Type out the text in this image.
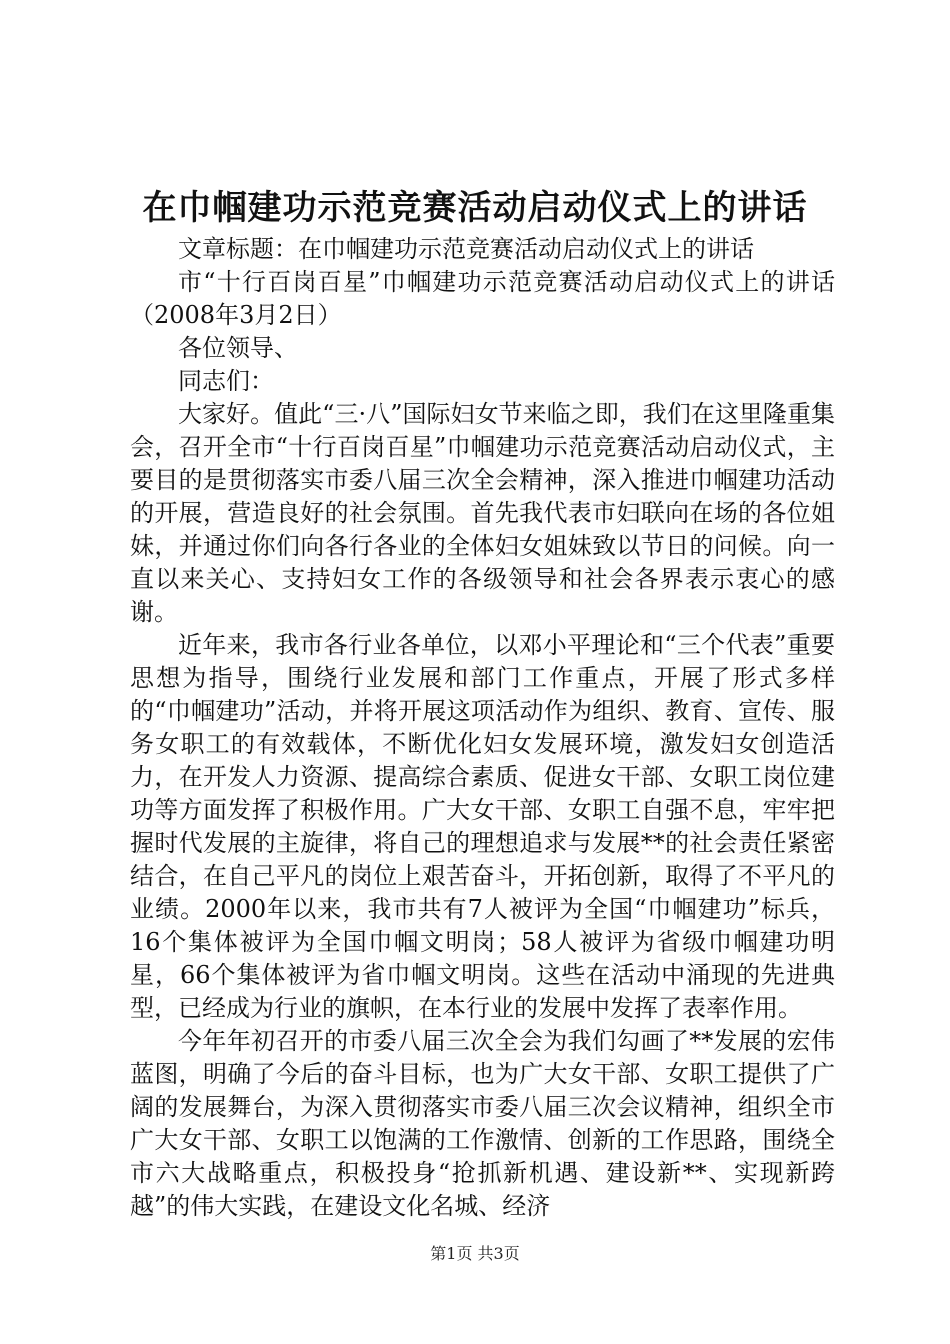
在巾帼建功示范竞赛活动启动仪式上的讲话

文章标题：在巾帼建功示范竞赛活动启动仪式上的讲话

市“十行百岗百星”巾帼建功示范竞赛活动启动仪式上的讲话（2008年3月2日）

各位领导、

同志们：

大家好。值此“三·八”国际妇女节来临之即，我们在这里隆重集会，召开全市“十行百岗百星”巾帼建功示范竞赛活动启动仪式，主要目的是贯彻落实市委八届三次全会精神，深入推进巾帼建功活动的开展，营造良好的社会氛围。首先我代表市妇联向在场的各位姐妹，并通过你们向各行各业的全体妇女姐妹致以节日的问候。向一直以来关心、支持妇女工作的各级领导和社会各界表示衷心的感谢。

近年来，我市各行业各单位，以邓小平理论和“三个代表”重要思想为指导，围绕行业发展和部门工作重点，开展了形式多样的“巾帼建功”活动，并将开展这项活动作为组织、教育、宣传、服务女职工的有效载体，不断优化妇女发展环境，激发妇女创造活力，在开发人力资源、提高综合素质、促进女干部、女职工岗位建功等方面发挥了积极作用。广大女干部、女职工自强不息，牢牢把握时代发展的主旋律，将自己的理想追求与发展**的社会责任紧密结合，在自己平凡的岗位上艰苦奋斗，开拓创新，取得了不平凡的业绩。2000年以来，我市共有7人被评为全国“巾帼建功”标兵，16个集体被评为全国巾帼文明岗；58人被评为省级巾帼建功明星，66个集体被评为省巾帼文明岗。这些在活动中涌现的先进典型，已经成为行业的旗帜，在本行业的发展中发挥了表率作用。

今年年初召开的市委八届三次全会为我们勾画了**发展的宏伟蓝图，明确了今后的奋斗目标，也为广大女干部、女职工提供了广阔的发展舞台，为深入贯彻落实市委八届三次会议精神，组织全市广大女干部、女职工以饱满的工作激情、创新的工作思路，围绕全市六大战略重点，积极投身“抢抓新机遇、建设新**、实现新跨越”的伟大实践，在建设文化名城、经济

第1页 共3页
